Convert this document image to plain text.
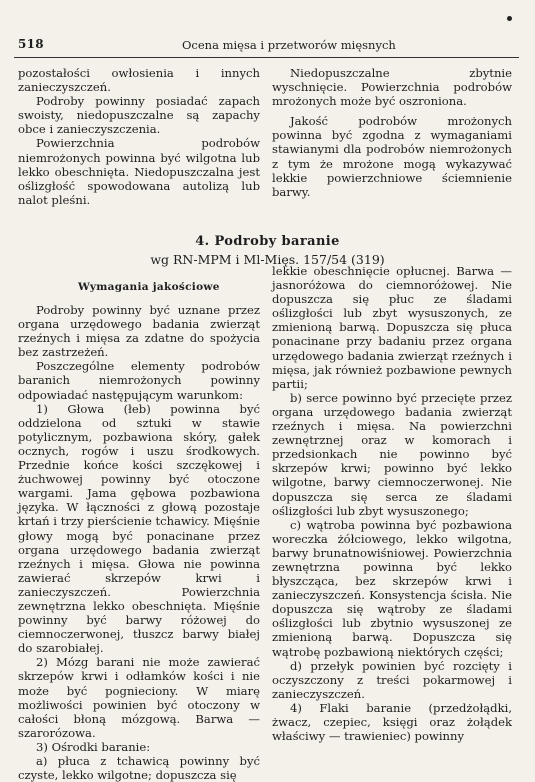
518	Ocena mięsa i przetworów mięsnych

pozostałości owłosienia i innych zanieczyszczeń.

Podroby powinny posiadać zapach swoisty, niedopuszczalne są zapachy obce i zanieczyszczenia.

Powierzchnia podrobów niemrożonych powinna być wilgotna lub lekko obeschnięta. Niedopuszczalna jest oślizgłość spowodowana autolizą lub nalot pleśni.

Niedopuszczalne zbytnie wyschnięcie. Powierzchnia podrobów mrożonych może być oszroniona.

Jakość podrobów mrożonych powinna być zgodna z wymaganiami stawianymi dla podrobów niemrożonych z tym że mrożone mogą wykazywać lekkie powierzchniowe ściemnienie barwy.

4. Podroby baranie
wg RN-MPM i Ml-Mięs. 157/54 (319)
Wymagania jakościowe

Podroby powinny być uznane przez organa urzędowego badania zwierząt rzeźnych i mięsa za zdatne do spożycia bez zastrzeżeń.

Poszczególne elementy podrobów baranich niemrożonych powinny odpowiadać następującym warunkom:

1) Głowa (łeb) powinna być oddzielona od sztuki w stawie potylicznym, pozbawiona skóry, gałek ocznych, rogów i uszu środkowych. Przednie końce kości szczękowej i żuchwowej powinny być otoczone wargami. Jama gębowa pozbawiona języka. W łączności z głową pozostaje krtań i trzy pierścienie tchawicy. Mięśnie głowy mogą być ponacinane przez organa urzędowego badania zwierząt rzeźnych i mięsa. Głowa nie powinna zawierać skrzepów krwi i zanieczyszczeń. Powierzchnia zewnętrzna lekko obeschnięta. Mięśnie powinny być barwy różowej do ciemnoczerwonej, tłuszcz barwy białej do szarobiałej.

2) Mózg barani nie może zawierać skrzepów krwi i odłamków kości i nie może być pognieciony. W miarę możliwości powinien być otoczony w całości błoną mózgową. Barwa — szarorózowa.

3) Ośrodki baranie:

a) płuca z tchawicą powinny być czyste, lekko wilgotne; dopuszcza się

lekkie obeschnięcie opłucnej. Barwa — jasnoróżowa do ciemnoróżowej. Nie dopuszcza się płuc ze śladami oślizgłości lub zbyt wysuszonych, ze zmienioną barwą. Dopuszcza się płuca ponacinane przy badaniu przez organa urzędowego badania zwierząt rzeźnych i mięsa, jak również pozbawione pewnych partii;

b) serce powinno być przecięte przez organa urzędowego badania zwierząt rzeźnych i mięsa. Na powierzchni zewnętrznej oraz w komorach i przedsionkach nie powinno być skrzepów krwi; powinno być lekko wilgotne, barwy ciemnoczerwonej. Nie dopuszcza się serca ze śladami oślizgłości lub zbyt wysuszonego;

c) wątroba powinna być pozbawiona woreczka żółciowego, lekko wilgotna, barwy brunatnowiśniowej. Powierzchnia zewnętrzna powinna być lekko błyszcząca, bez skrzepów krwi i zanieczyszczeń. Konsystencja ścisła. Nie dopuszcza się wątroby ze śladami oślizgłości lub zbytnio wysuszonej ze zmienioną barwą. Dopuszcza się wątrobę pozbawioną niektórych części;

d) przełyk powinien być rozcięty i oczyszczony z treści pokarmowej i zanieczyszczeń.

4) Flaki baranie (przedżołądki, żwacz, czepiec, księgi oraz żołądek właściwy — trawieniec) powinny
